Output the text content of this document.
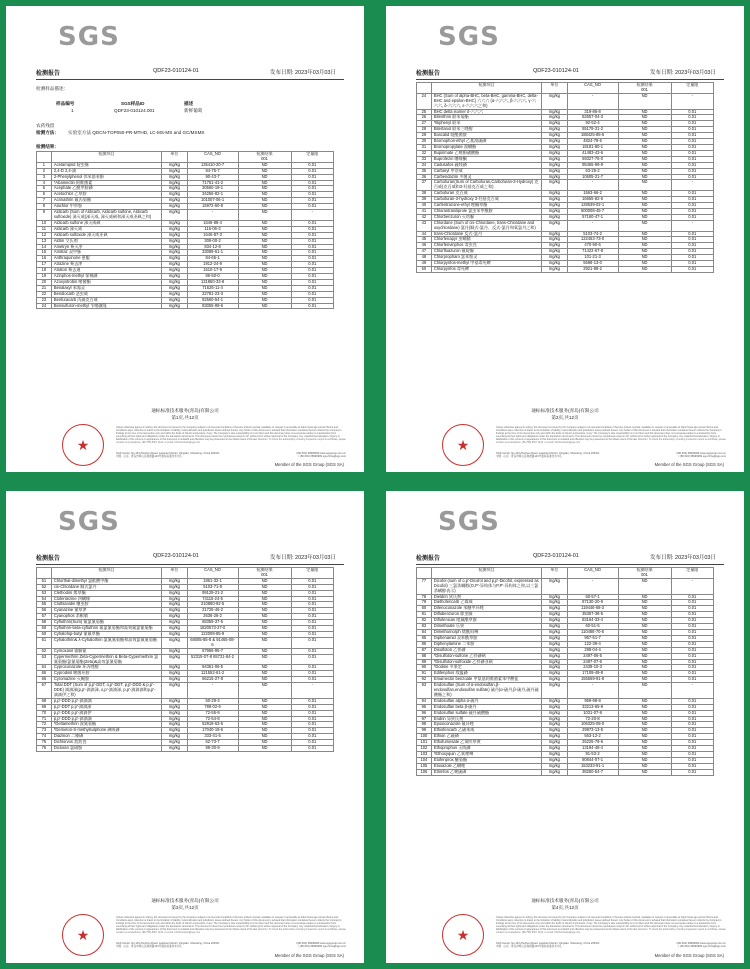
SGS
检测报告	QDF23-010124-01	发布日期: 2023年03月03日
检测样品描述：
样品编号	SGS样品ID	描述
1	QDF23-010124.001	新鲜葡萄
农药残留
检测方法： 实验室方法 QDCN-TOP050-PR-MTHD, LC-MS-MS and GC/MSMS
检测结果：
	检测项目	单位	CAS_NO	检测结果
001	定量限
1	Acetamiprid 啶虫脒	mg/kg	135410-20-7	ND	0.01
2	2,4-D 2,4-滴	mg/kg	94-75-7	ND	0.01
3	2-Phenylphenol 邻苯基苯酚	mg/kg	90-43-7	ND	0.01
4	*Abamectin 阿维菌素	mg/kg	71751-41-2	ND	0.01
5	Acephate 乙酰甲胺磷	mg/kg	30560-19-1	ND	0.01
6	Acetochlor 乙草胺	mg/kg	34256-82-1	ND	0.01
7	Acrinathrin 氟丙菊酯	mg/kg	101007-06-1	ND	0.01
8	Alachlor 甲草胺	mg/kg	15972-60-8	ND	0.01
9	Aldicarb (Sum of Aldicarb, Aldicarb sulfone, Aldicarb sulfoxide) 涕灭威(涕灭威, 涕灭威砜和涕灭威亚砜之和)	mg/kg	-	ND	-
10	Aldicarb sulfone 涕灭威砜	mg/kg	1646-88-4	ND	0.01
11	Aldicarb 涕灭威	mg/kg	116-06-3	ND	0.01
12	Aldicarb sulfoxide 涕灭威亚砜	mg/kg	1646-87-3	ND	0.01
13	Aldrin 艾氏剂	mg/kg	309-00-2	ND	0.01
14	Ametryn 莠灭净	mg/kg	834-12-8	ND	0.01
15	Amitraz 双甲脒	mg/kg	33089-61-1	ND	0.01
16	Anthraquinone 蒽醌	mg/kg	84-65-1	ND	0.01
17	Atrazine 莠去津	mg/kg	1912-24-9	ND	0.01
18	Atraton 莠去通	mg/kg	1610-17-9	ND	0.01
19	Azinphos-methyl 保棉磷	mg/kg	86-50-0	ND	0.01
20	Azoxystrobin 嘧菌酯	mg/kg	131860-33-8	ND	0.01
21	Benalaxyl 苯霜灵	mg/kg	71626-11-4	ND	0.01
22	Bendiocarb 恶虫威	mg/kg	22781-23-3	ND	0.01
23	Benfuracarb 丙硫克百威	mg/kg	82560-54-1	ND	0.01
24	Bensulfuron-methyl 苄嘧磺隆	mg/kg	83055-99-6	ND	0.01
通标标准技术服务(青岛)有限公司
第1页,共12页
★
Unless otherwise agreed in writing, this document is issued by the Company subject to its General Conditions of Service printed overleaf, available on request or accessible at https://www.sgs.com/en/Terms-and-Conditions.aspx. Attention is drawn to the limitation of liability, indemnification and jurisdiction issues defined therein. Any holder of this document is advised that information contained hereon reflects the Company's findings at the time of its intervention only and within the limits of Client's instructions, if any. The Company's sole responsibility is to its Client and this document does not exonerate parties to a transaction from exercising all their rights and obligations under the transaction documents. This document cannot be reproduced except in full, without prior written approval of the Company. Any unauthorized alteration, forgery or falsification of the content or appearance of this document is unlawful and offenders may be prosecuted to the fullest extent of the law. Attention: To check the authenticity of testing /inspection report & certificate, please contact us at telephone: (86-755) 8307 1443, or email: CN.Doccheck@sgs.com
SGS Center, No.143 Zhuzhou Road, Laoshan District, Qingdao, Shandong, China 266101
中国 · 山东 · 青岛市崂山区株洲路143号通标标准技术中心
t (86-532) 68999999 www.sgsgroup.com.cn
t (86-532) 68999999 sgs.china@sgs.com
Member of the SGS Group (SGS SA)
SGS
检测报告	QDF23-010124-01	发布日期: 2023年03月03日
	检测项目	单位	CAS_NO	检测结果
001	定量限
24	BHC (Sum of alpha-BHC, beta-BHC, gamma-BHC, delta-BHC and epsilon-BHC) 六六六 (α-六六六, β-六六六, γ-六六六, δ-六六六, ε-六六六之和)	mg/kg	-	ND	-
25	BHC delta isomer δ-六六六	mg/kg	319-86-8	ND	0.01
26	Bifenthrin 联苯菊酯	mg/kg	82657-04-3	ND	0.01
27	*Biphenyl 联苯	mg/kg	92-52-4	ND	0.01
28	Bitertanol 联苯三唑醇	mg/kg	55179-31-2	ND	0.01
29	Boscalid 啶酰菌胺	mg/kg	188425-85-6	ND	0.01
30	Bromophos-ethyl 乙基溴硫磷	mg/kg	4824-78-6	ND	0.01
31	Bromopropylate 溴螨酯	mg/kg	18181-80-1	ND	0.01
32	Bupirimate 乙嘧酚磺酸酯	mg/kg	41483-43-6	ND	0.01
33	Buprofezin 噻嗪酮	mg/kg	69327-76-0	ND	0.01
34	Cadusafos 硫线磷	mg/kg	95465-99-9	ND	0.01
35	Carbaryl 甲萘威	mg/kg	63-25-2	ND	0.01
36	Carbendazim 多菌灵	mg/kg	10605-21-7	ND	0.01
37	Carbofuran(Sum of Carbofuran,Carbofuran-3-Hydroxy) 克百威(克百威和3-羟基克百威之和)	mg/kg	-	ND	-
38	Carbofuran 克百威	mg/kg	1563-66-2	ND	0.01
39	Carbofuran-3-hydroxy 3-羟基克百威	mg/kg	16655-82-6	ND	0.01
40	Carfentrazone-ethyl 唑酮草酯	mg/kg	128639-02-1	ND	0.01
41	Chlorantraniliprole 氯虫苯甲酰胺	mg/kg	500008-45-7	ND	0.01
42	Chlorbenzuron 灭幼脲	mg/kg	57160-47-1	ND	0.01
43	Chlordane (Sum of cis-Chlordane, trans-Chlordane and oxychlordane) 氯丹(顺式-氯丹、反式-氯丹和氧氯丹之和)	mg/kg	-	ND	-
44	trans-Chlordane 反式-氯丹	mg/kg	5103-74-2	ND	0.01
45	Chlorfenapyr 虫螨腈	mg/kg	122453-73-0	ND	0.01
46	Chlorfenvinphos 毒虫畏	mg/kg	470-90-6	ND	0.01
47	Chlorfluazuron 氟啶脲	mg/kg	71422-67-8	ND	0.01
48	Chlorpropham 氯苯胺灵	mg/kg	101-21-3	ND	0.01
49	Chlorpyrifos-methyl 甲基毒死蜱	mg/kg	5598-13-0	ND	0.01
50	Chlorpyrifos 毒死蜱	mg/kg	2921-88-2	ND	0.01
通标标准技术服务(青岛)有限公司
第2页,共12页
★
Unless otherwise agreed in writing, this document is issued by the Company subject to its General Conditions of Service printed overleaf, available on request or accessible at https://www.sgs.com/en/Terms-and-Conditions.aspx. Attention is drawn to the limitation of liability, indemnification and jurisdiction issues defined therein. Any holder of this document is advised that information contained hereon reflects the Company's findings at the time of its intervention only and within the limits of Client's instructions, if any. The Company's sole responsibility is to its Client and this document does not exonerate parties to a transaction from exercising all their rights and obligations under the transaction documents. This document cannot be reproduced except in full, without prior written approval of the Company. Any unauthorized alteration, forgery or falsification of the content or appearance of this document is unlawful and offenders may be prosecuted to the fullest extent of the law. Attention: To check the authenticity of testing /inspection report & certificate, please contact us at telephone: (86-755) 8307 1443, or email: CN.Doccheck@sgs.com
SGS Center, No.143 Zhuzhou Road, Laoshan District, Qingdao, Shandong, China 266101
中国 · 山东 · 青岛市崂山区株洲路143号通标标准技术中心
t (86-532) 68999999 www.sgsgroup.com.cn
t (86-532) 68999999 sgs.china@sgs.com
Member of the SGS Group (SGS SA)
SGS
检测报告	QDF23-010124-01	发布日期: 2023年03月03日
	检测项目	单位	CAS_NO	检测结果
001	定量限
51	Chlorthal-dimethyl 氯酞酸甲酯	mg/kg	1861-32-1	ND	0.01
52	cis-Chlordane 顺式氯丹	mg/kg	5103-71-9	ND	0.01
53	Clethodim 烯草酮	mg/kg	99129-21-2	ND	0.01
54	Clofentezine 四螨嗪	mg/kg	74115-24-5	ND	0.01
55	Clothianidin 噻虫胺	mg/kg	210880-92-5	ND	0.01
56	Cyanazine 氰草津	mg/kg	21725-46-2	ND	0.01
57	Cyanophos 杀螟腈	mg/kg	2636-26-2	ND	0.01
58	Cyfluthrin(Sum) 氟氯氰菊酯	mg/kg	68359-37-5	ND	0.01
59	Cyfluthrin-beta-cyfluthrin 氟氯氰菊酯和高效氟氯氰菊酯	mg/kg	1820573-27-0	ND	0.01
60	Cyhalofop-butyl 氰氟草酯	mg/kg	122008-85-9	ND	0.01
61	Cyhalothrin& λ-Cyhalothrin 氯氟氰菊酯和高效氯氟氰菊酯	mg/kg	68085-85-8 & 91465-08-6	ND	0.01
62	Cymoxanil 霜脲氰	mg/kg	57966-95-7	ND	0.01
63	Cypermethrin Zeta-Cypermethrin & Beta-Cypermethrin 氯氰菊酯/氯氰菊酯(Zeta)&高效氯氰菊酯	mg/kg	52315-07-8 65731-84-2	ND	0.01
64	Cyproconazole 环丙唑醇	mg/kg	94361-06-5	ND	0.01
65	Cyprodinil 嘧菌环胺	mg/kg	121552-61-2	ND	0.01
66	Cyromazine 灭蝇胺	mg/kg	66215-27-8	ND	0.01
67	Total DDT (Sum of p,p'-DDT, o,p'-DDT, p,p'-DDD & p,p'-DDE) 滴滴涕(p,p'-滴滴涕, o,p'-滴滴涕, p,p'-滴滴滴和p,p'-滴滴伊之和)	mg/kg	-	ND	-
68	p,p'-DDD p,p'-滴滴滴	mg/kg	50-29-3	ND	0.01
69	p,p'-DDT p,p'-滴滴涕	mg/kg	789-02-6	ND	0.01
70	p,p'-DDE p,p'-滴滴伊	mg/kg	72-55-9	ND	0.01
71	p,p'-DDD p,p'-滴滴滴	mg/kg	72-54-8	ND	0.01
72	*Deltamethrin 溴氰菊酯	mg/kg	52918-63-5	ND	0.01
73	*Demeton-S-methylsulphone 砜吸磷	mg/kg	17040-19-6	ND	0.01
74	Diazinon 二嗪磷	mg/kg	333-41-5	ND	0.01
75	Dichlorvos 敌敌畏	mg/kg	62-73-7	ND	0.01
76	Dicloran 氯硝胺	mg/kg	99-30-9	ND	0.01
通标标准技术服务(青岛)有限公司
第3页,共12页
★
Unless otherwise agreed in writing, this document is issued by the Company subject to its General Conditions of Service printed overleaf, available on request or accessible at https://www.sgs.com/en/Terms-and-Conditions.aspx. Attention is drawn to the limitation of liability, indemnification and jurisdiction issues defined therein. Any holder of this document is advised that information contained hereon reflects the Company's findings at the time of its intervention only and within the limits of Client's instructions, if any. The Company's sole responsibility is to its Client and this document does not exonerate parties to a transaction from exercising all their rights and obligations under the transaction documents. This document cannot be reproduced except in full, without prior written approval of the Company. Any unauthorized alteration, forgery or falsification of the content or appearance of this document is unlawful and offenders may be prosecuted to the fullest extent of the law. Attention: To check the authenticity of testing /inspection report & certificate, please contact us at telephone: (86-755) 8307 1443, or email: CN.Doccheck@sgs.com
SGS Center, No.143 Zhuzhou Road, Laoshan District, Qingdao, Shandong, China 266101
中国 · 山东 · 青岛市崂山区株洲路143号通标标准技术中心
t (86-532) 68999999 www.sgsgroup.com.cn
t (86-532) 68999999 sgs.china@sgs.com
Member of the SGS Group (SGS SA)
SGS
检测报告	QDF23-010124-01	发布日期: 2023年03月03日
	检测项目	单位	CAS_NO	检测结果
001	定量限
77	Dicofol (sum of o,p'-Dicofol and p,p'-Dicofol, expressed as Dicofol) 三氯杀螨醇(O,P'-异构体与P,P'-异构体之和,以三氯杀螨醇表示)	mg/kg	-	ND	-
78	Dieldrin 狄氏剂	mg/kg	60-57-1	ND	0.01
79	Diethofencarb 乙霉威	mg/kg	87130-20-9	ND	0.01
80	Difenoconazole 苯醚甲环唑	mg/kg	119446-68-3	ND	0.01
81	Diflubenzuron 除虫脲	mg/kg	35367-38-5	ND	0.01
82	Diflufenican 吡氟酰草胺	mg/kg	83164-33-4	ND	0.01
83	Dimethoate 乐果	mg/kg	60-51-5	ND	0.01
84	Dimethomorph 烯酰吗啉	mg/kg	110488-70-5	ND	0.01
85	Diphenamid 双苯酰草胺	mg/kg	957-51-7	ND	0.01
86	Diphenylamine 二苯胺	mg/kg	122-39-4	ND	0.01
87	Disulfoton 乙拌磷	mg/kg	298-04-4	ND	0.01
88	*Disulfoton-sulfone 乙拌磷砜	mg/kg	2497-06-5	ND	0.01
89	*Disulfoton-sulfoxide 乙拌磷亚砜	mg/kg	2497-07-6	ND	0.01
90	*Dodine 多果定	mg/kg	2439-10-3	ND	0.01
91	Edifenphos 敌瘟磷	mg/kg	17109-49-8	ND	0.01
92	Emamectin benzoate 甲氨基阿维菌素苯甲酸盐	mg/kg	155569-91-8	ND	0.01
93	Endosulfan (Sum of α-endosulfan,β-endosulfan,endosulfan sulfate) 硫丹(α-硫丹,β-硫丹,硫丹硫酸酯之和)	mg/kg	-	ND	-
94	Endosulfan alpha α-硫丹	mg/kg	959-98-8	ND	0.01
95	Endosulfan beta β-硫丹	mg/kg	33213-65-9	ND	0.01
96	Endosulfan sulfate 硫丹硫酸酯	mg/kg	1031-07-8	ND	0.01
97	Endrin 异狄氏剂	mg/kg	72-20-8	ND	0.01
98	Epoxiconazole 氟环唑	mg/kg	106325-08-0	ND	0.01
99	Ethiofencarb 乙硫苯威	mg/kg	29973-13-5	ND	0.01
100	Ethion 乙硫磷	mg/kg	563-12-2	ND	0.01
101	Ethofumesate 乙氧呋草黄	mg/kg	26225-79-6	ND	0.01
102	Ethoprophos 灭线磷	mg/kg	13194-48-4	ND	0.01
103	*Ethoxyquin 乙氧喹啉	mg/kg	91-53-2	ND	0.01
104	Etofenprox 醚菊酯	mg/kg	80844-07-1	ND	0.01
105	Etoxazole 乙螨唑	mg/kg	153233-91-1	ND	0.01
106	Etrimfos 乙嘧硫磷	mg/kg	38260-54-7	ND	0.01
通标标准技术服务(青岛)有限公司
第4页,共12页
★
Unless otherwise agreed in writing, this document is issued by the Company subject to its General Conditions of Service printed overleaf, available on request or accessible at https://www.sgs.com/en/Terms-and-Conditions.aspx. Attention is drawn to the limitation of liability, indemnification and jurisdiction issues defined therein. Any holder of this document is advised that information contained hereon reflects the Company's findings at the time of its intervention only and within the limits of Client's instructions, if any. The Company's sole responsibility is to its Client and this document does not exonerate parties to a transaction from exercising all their rights and obligations under the transaction documents. This document cannot be reproduced except in full, without prior written approval of the Company. Any unauthorized alteration, forgery or falsification of the content or appearance of this document is unlawful and offenders may be prosecuted to the fullest extent of the law. Attention: To check the authenticity of testing /inspection report & certificate, please contact us at telephone: (86-755) 8307 1443, or email: CN.Doccheck@sgs.com
SGS Center, No.143 Zhuzhou Road, Laoshan District, Qingdao, Shandong, China 266101
中国 · 山东 · 青岛市崂山区株洲路143号通标标准技术中心
t (86-532) 68999999 www.sgsgroup.com.cn
t (86-532) 68999999 sgs.china@sgs.com
Member of the SGS Group (SGS SA)
